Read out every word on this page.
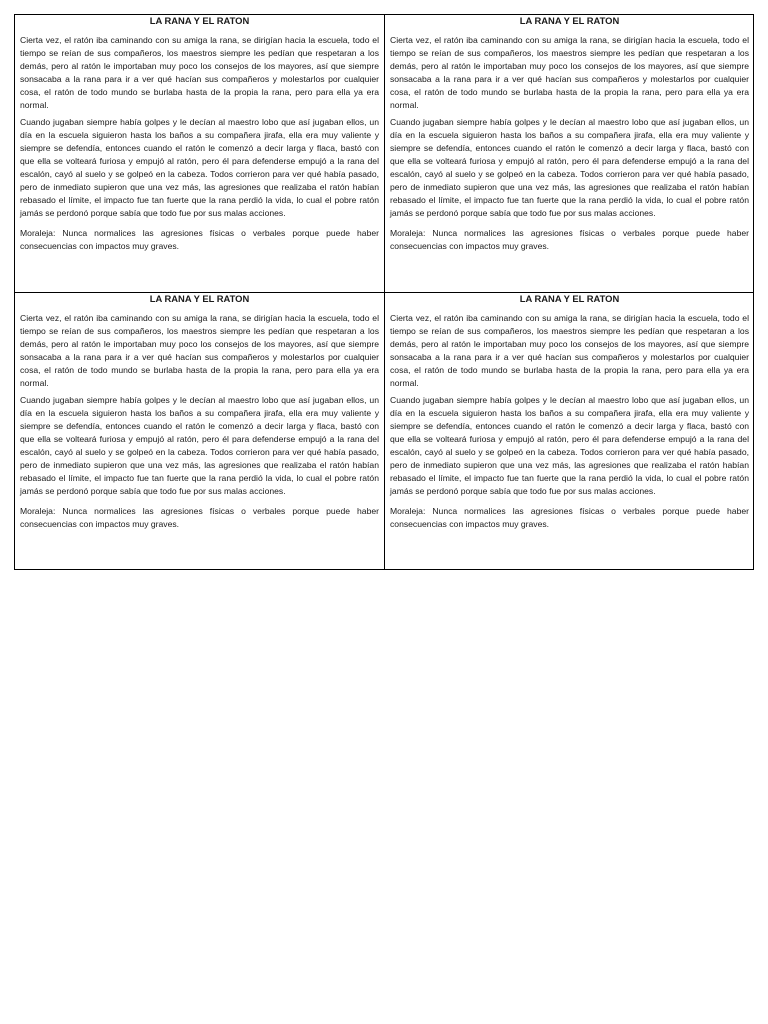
LA RANA Y EL RATON

Cierta vez, el ratón iba caminando con su amiga la rana, se dirigían hacia la escuela, todo el tiempo se reían de sus compañeros, los maestros siempre les pedían que respetaran a los demás, pero al ratón le importaban muy poco los consejos de los mayores, así que siempre sonsacaba a la rana para ir a ver qué hacían sus compañeros y molestarlos por cualquier cosa, el ratón de todo mundo se burlaba hasta de la propia la rana, pero para ella ya era normal.

Cuando jugaban siempre había golpes y le decían al maestro lobo que así jugaban ellos, un día en la escuela siguieron hasta los baños a su compañera jirafa, ella era muy valiente y siempre se defendía, entonces cuando el ratón le comenzó a decir larga y flaca, bastó con que ella se volteará furiosa y empujó al ratón, pero él para defenderse empujó a la rana del escalón, cayó al suelo y se golpeó en la cabeza. Todos corrieron para ver qué había pasado, pero de inmediato supieron que una vez más, las agresiones que realizaba el ratón habían rebasado el límite, el impacto fue tan fuerte que la rana perdió la vida, lo cual el pobre ratón jamás se perdonó porque sabía que todo fue por sus malas acciones.

Moraleja: Nunca normalices las agresiones físicas o verbales porque puede haber consecuencias con impactos muy graves.

LA RANA Y EL RATON

Cierta vez, el ratón iba caminando con su amiga la rana, se dirigían hacia la escuela, todo el tiempo se reían de sus compañeros, los maestros siempre les pedían que respetaran a los demás, pero al ratón le importaban muy poco los consejos de los mayores, así que siempre sonsacaba a la rana para ir a ver qué hacían sus compañeros y molestarlos por cualquier cosa, el ratón de todo mundo se burlaba hasta de la propia la rana, pero para ella ya era normal.

Cuando jugaban siempre había golpes y le decían al maestro lobo que así jugaban ellos, un día en la escuela siguieron hasta los baños a su compañera jirafa, ella era muy valiente y siempre se defendía, entonces cuando el ratón le comenzó a decir larga y flaca, bastó con que ella se volteará furiosa y empujó al ratón, pero él para defenderse empujó a la rana del escalón, cayó al suelo y se golpeó en la cabeza. Todos corrieron para ver qué había pasado, pero de inmediato supieron que una vez más, las agresiones que realizaba el ratón habían rebasado el límite, el impacto fue tan fuerte que la rana perdió la vida, lo cual el pobre ratón jamás se perdonó porque sabía que todo fue por sus malas acciones.

Moraleja: Nunca normalices las agresiones físicas o verbales porque puede haber consecuencias con impactos muy graves.

LA RANA Y EL RATON

Cierta vez, el ratón iba caminando con su amiga la rana, se dirigían hacia la escuela, todo el tiempo se reían de sus compañeros, los maestros siempre les pedían que respetaran a los demás, pero al ratón le importaban muy poco los consejos de los mayores, así que siempre sonsacaba a la rana para ir a ver qué hacían sus compañeros y molestarlos por cualquier cosa, el ratón de todo mundo se burlaba hasta de la propia la rana, pero para ella ya era normal.

Cuando jugaban siempre había golpes y le decían al maestro lobo que así jugaban ellos, un día en la escuela siguieron hasta los baños a su compañera jirafa, ella era muy valiente y siempre se defendía, entonces cuando el ratón le comenzó a decir larga y flaca, bastó con que ella se volteará furiosa y empujó al ratón, pero él para defenderse empujó a la rana del escalón, cayó al suelo y se golpeó en la cabeza. Todos corrieron para ver qué había pasado, pero de inmediato supieron que una vez más, las agresiones que realizaba el ratón habían rebasado el límite, el impacto fue tan fuerte que la rana perdió la vida, lo cual el pobre ratón jamás se perdonó porque sabía que todo fue por sus malas acciones.

Moraleja: Nunca normalices las agresiones físicas o verbales porque puede haber consecuencias con impactos muy graves.

LA RANA Y EL RATON

Cierta vez, el ratón iba caminando con su amiga la rana, se dirigían hacia la escuela, todo el tiempo se reían de sus compañeros, los maestros siempre les pedían que respetaran a los demás, pero al ratón le importaban muy poco los consejos de los mayores, así que siempre sonsacaba a la rana para ir a ver qué hacían sus compañeros y molestarlos por cualquier cosa, el ratón de todo mundo se burlaba hasta de la propia la rana, pero para ella ya era normal.

Cuando jugaban siempre había golpes y le decían al maestro lobo que así jugaban ellos, un día en la escuela siguieron hasta los baños a su compañera jirafa, ella era muy valiente y siempre se defendía, entonces cuando el ratón le comenzó a decir larga y flaca, bastó con que ella se volteará furiosa y empujó al ratón, pero él para defenderse empujó a la rana del escalón, cayó al suelo y se golpeó en la cabeza. Todos corrieron para ver qué había pasado, pero de inmediato supieron que una vez más, las agresiones que realizaba el ratón habían rebasado el límite, el impacto fue tan fuerte que la rana perdió la vida, lo cual el pobre ratón jamás se perdonó porque sabía que todo fue por sus malas acciones.

Moraleja: Nunca normalices las agresiones físicas o verbales porque puede haber consecuencias con impactos muy graves.
